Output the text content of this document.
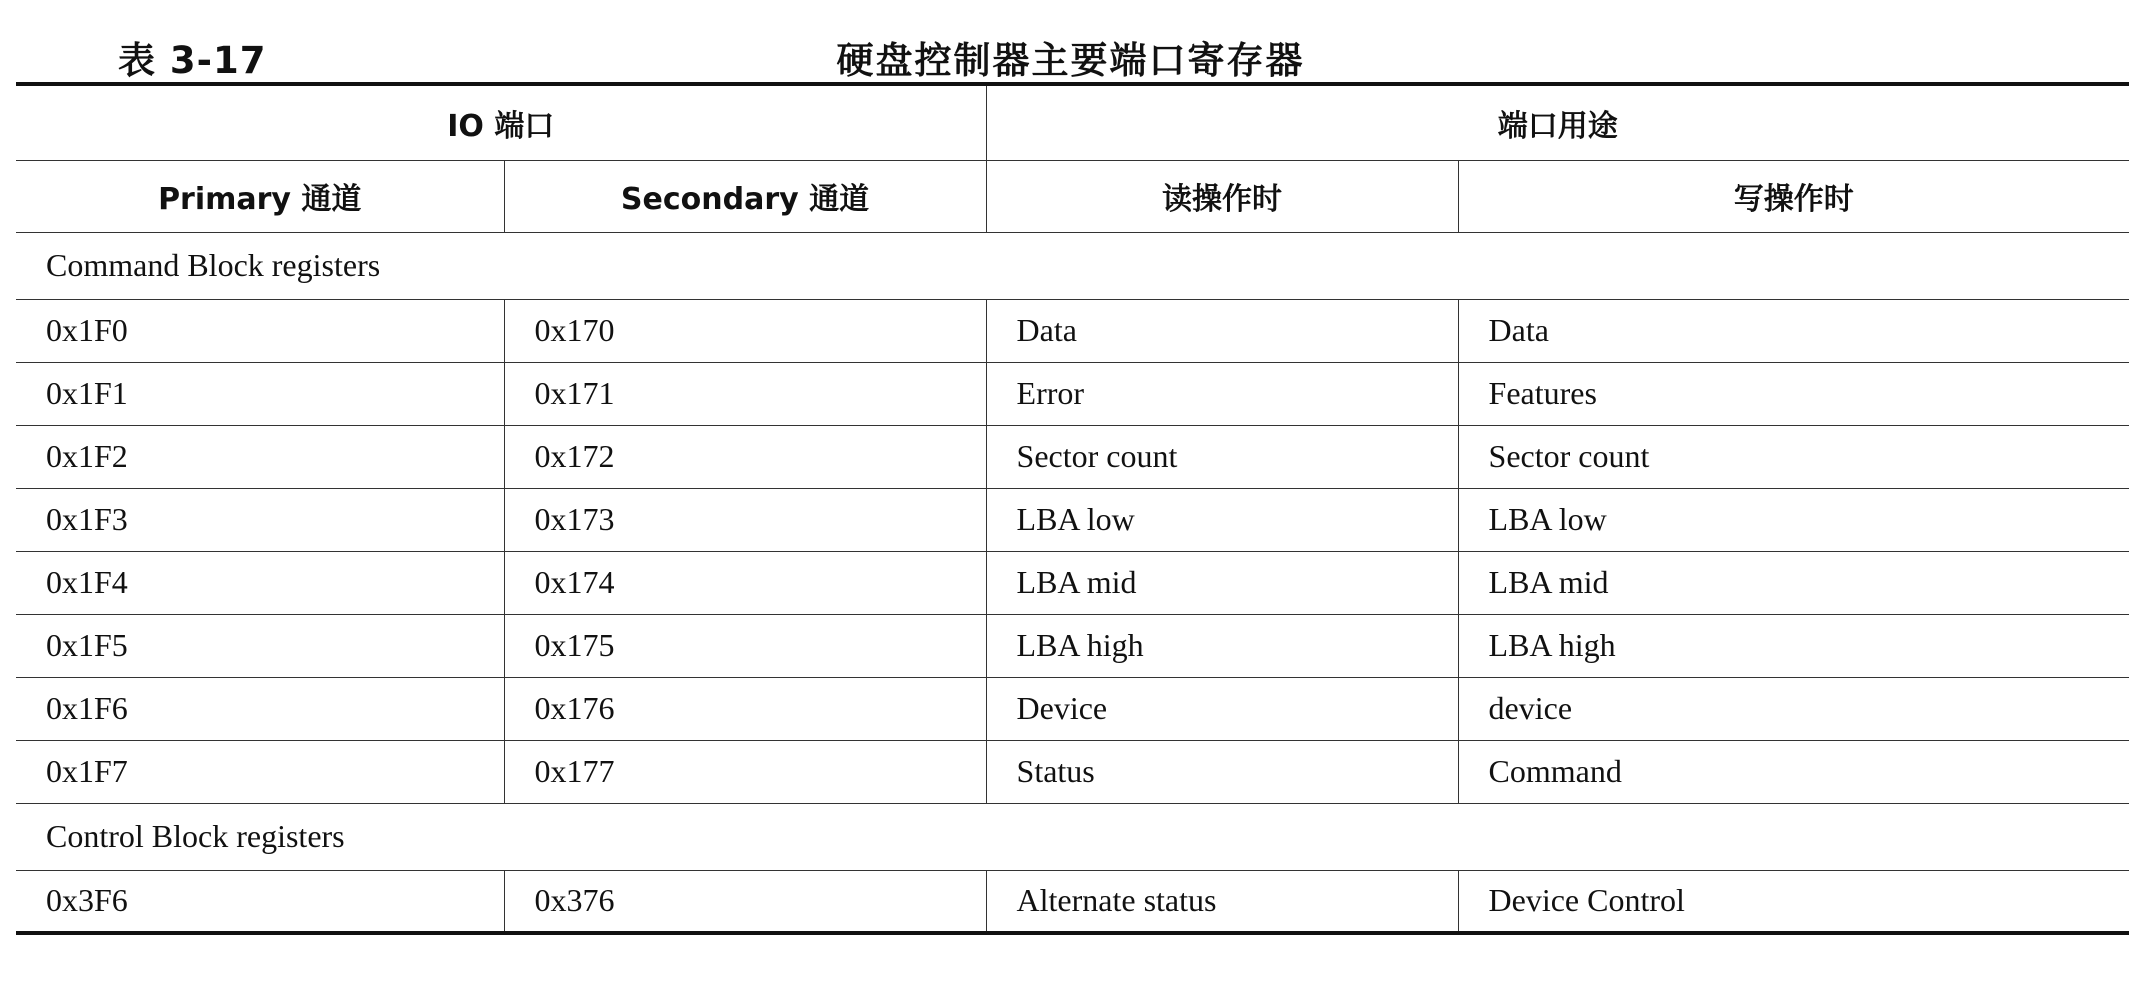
表 3-17	硬盘控制器主要端口寄存器
IO 端口		端口用途	
Primary 通道	Secondary 通道	读操作时	写操作时
Command Block registers			
0x1F0	0x170	Data	Data
0x1F1	0x171	Error	Features
0x1F2	0x172	Sector count	Sector count
0x1F3	0x173	LBA low	LBA low
0x1F4	0x174	LBA mid	LBA mid
0x1F5	0x175	LBA high	LBA high
0x1F6	0x176	Device	device
0x1F7	0x177	Status	Command
Control Block registers			
0x3F6	0x376	Alternate status	Device Control
